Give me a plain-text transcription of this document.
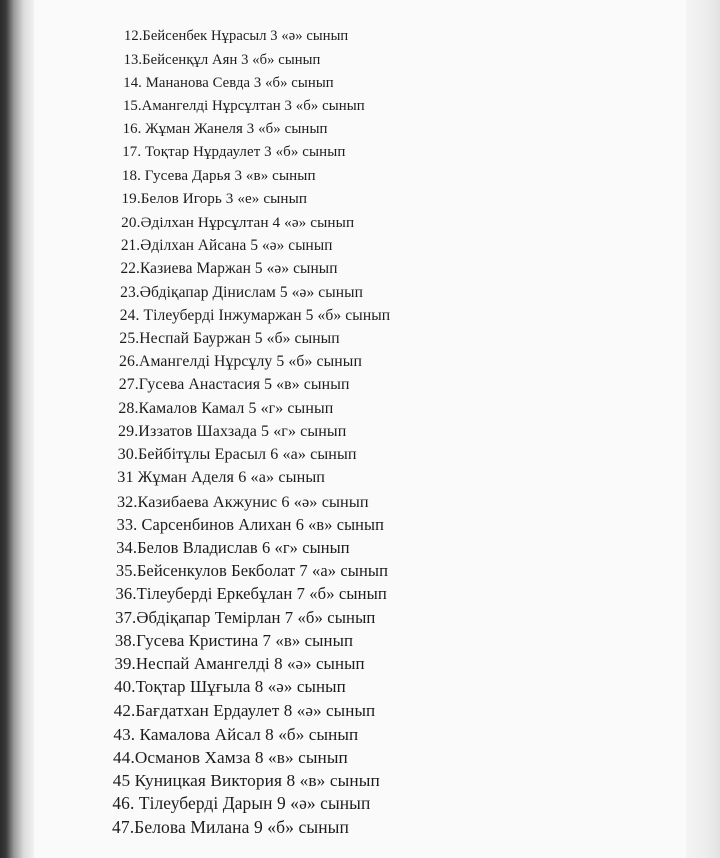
12.Бейсенбек Нұрасыл 3 «ә» сынып
13.Бейсенқұл Аян 3 «б» сынып
14. Мананова Севда 3 «б» сынып
15.Амангелді Нұрсұлтан 3 «б» сынып
16. Жұман Жанеля 3 «б» сынып
17. Тоқтар Нұрдаулет 3 «б» сынып
18. Гусева Дарья 3 «в» сынып
19.Белов Игорь 3 «е» сынып
20.Әділхан Нұрсұлтан 4 «ә» сынып
21.Әділхан Айсана 5 «ә» сынып
22.Казиева Маржан 5 «ә» сынып
23.Әбдіқапар Дінислам 5 «ә» сынып
24. Тілеуберді Інжумаржан 5 «б» сынып
25.Неспай Бауржан 5 «б» сынып
26.Амангелді Нұрсұлу 5 «б» сынып
27.Гусева Анастасия 5 «в» сынып
28.Камалов Камал 5 «г» сынып
29.Иззатов Шахзада 5 «г» сынып
30.Бейбітұлы Ерасыл 6 «а» сынып
31 Жұман Аделя 6 «а» сынып
32.Казибаева Акжунис 6 «ә» сынып
33. Сарсенбинов Алихан 6 «в» сынып
34.Белов Владислав 6 «г» сынып
35.Бейсенкулов Бекболат 7 «а» сынып
36.Тілеуберді Еркебұлан 7 «б» сынып
37.Әбдіқапар Темірлан 7 «б» сынып
38.Гусева Кристина 7 «в» сынып
39.Неспай Амангелді 8 «ә» сынып
40.Тоқтар Шұғыла 8 «ә» сынып
42.Бағдатхан Ердаулет 8 «ә» сынып
43. Камалова Айсал 8 «б» сынып
44.Османов Хамза 8 «в» сынып
45 Куницкая Виктория 8 «в» сынып
46. Тілеуберді Дарын 9 «ә» сынып
47.Белова Милана 9 «б» сынып
